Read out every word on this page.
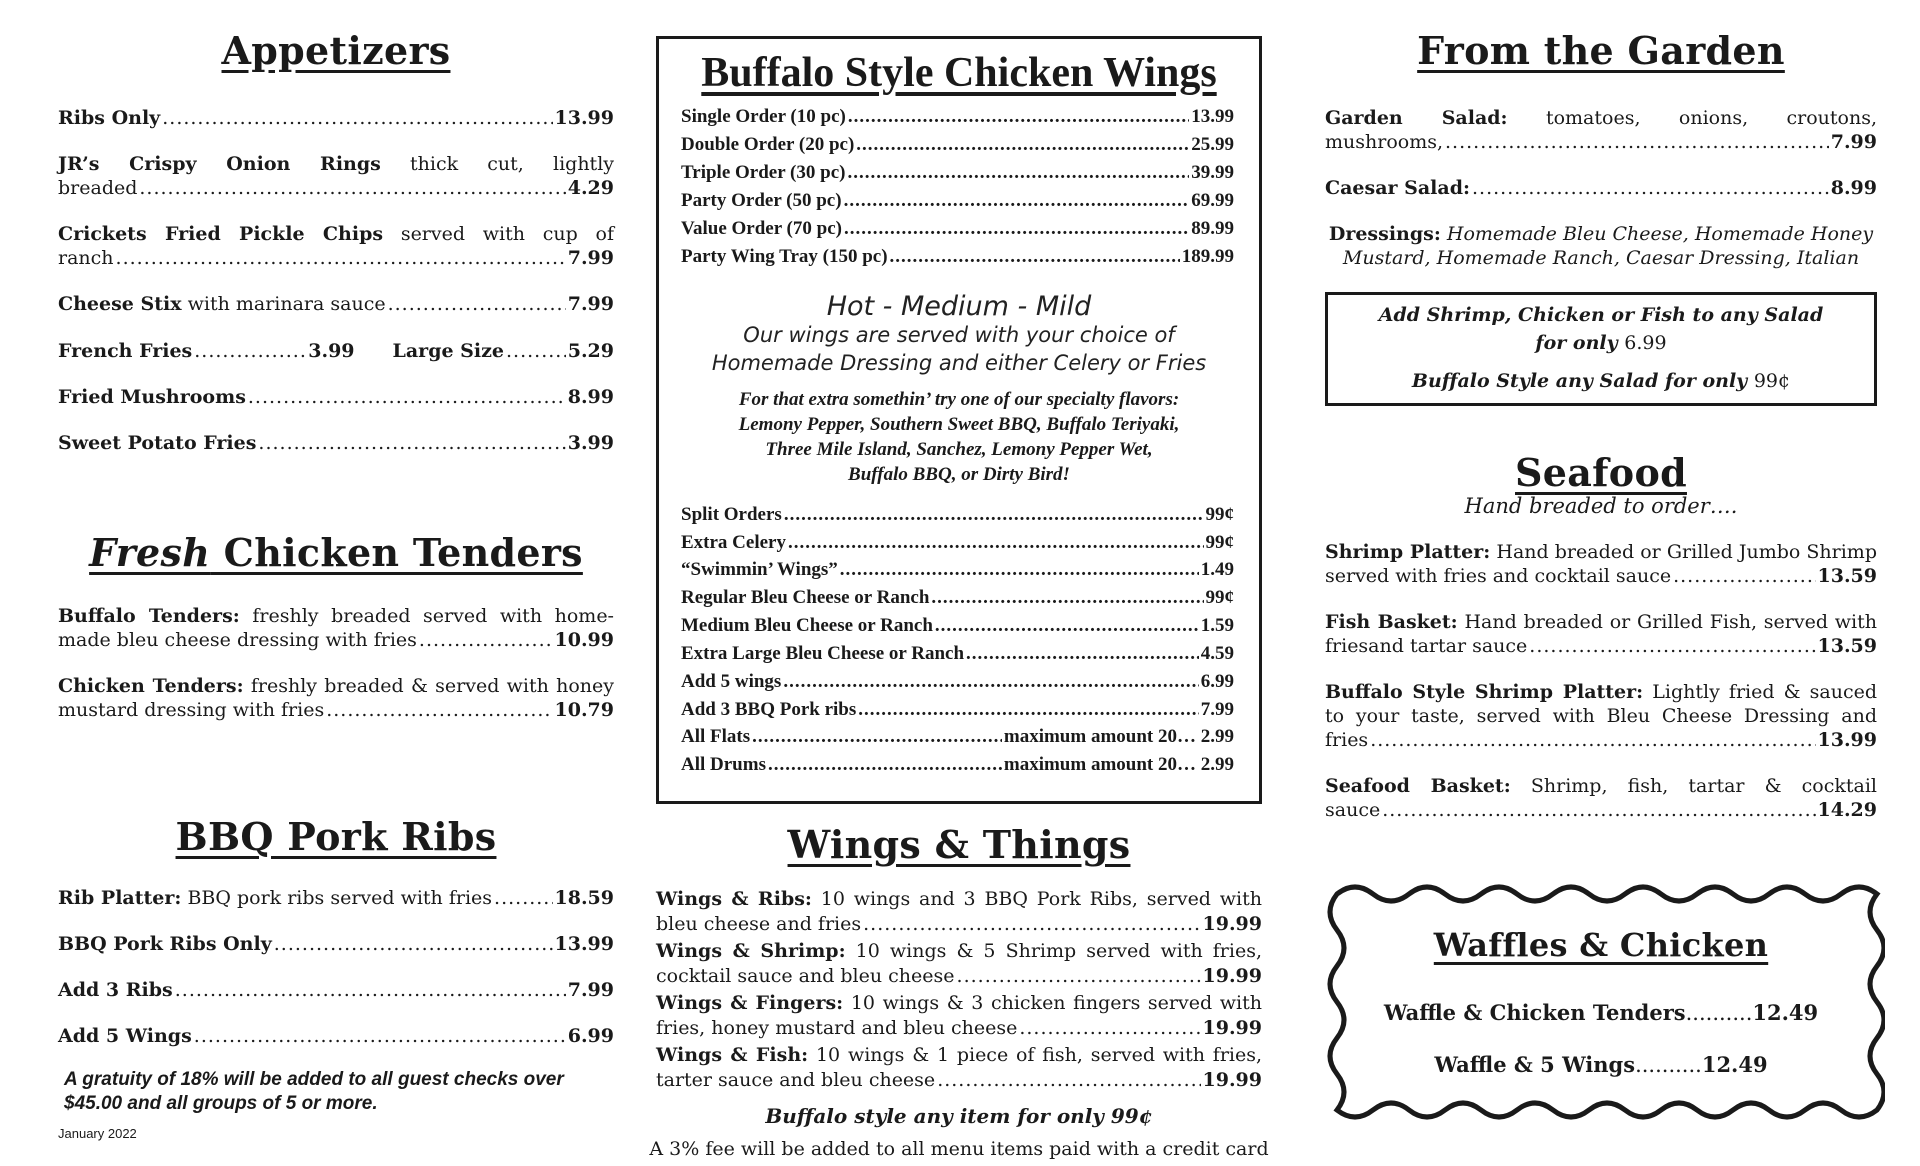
Appetizers
Ribs Only .....	13.99
JR’s Crispy Onion Rings thick cut, lightly
breaded .....	4.29
Crickets Fried Pickle Chips served with cup of
ranch .....	7.99
Cheese Stix
with marinara sauce .....	7.99
French Fries .....	3.99 Large Size .....	5.29
Fried Mushrooms .....	8.99
Sweet Potato Fries .....	3.99
Fresh Chicken Tenders
Buffalo Tenders: freshly breaded served with home-
made bleu cheese dressing with fries .....	10.99
Chicken Tenders: freshly breaded & served with honey
mustard dressing with fries .....	10.79
BBQ Pork Ribs
Rib Platter:
BBQ pork ribs served with fries .....	18.59
BBQ Pork Ribs Only .....	13.99
Add 3 Ribs .....	7.99
Add 5 Wings .....	6.99
A gratuity of 18% will be added to all guest checks over
$45.00 and all groups of 5 or more.
January 2022
Buffalo Style Chicken Wings
Single Order (10 pc) .....	13.99
Double Order (20 pc) .....	25.99
Triple Order (30 pc) .....	39.99
Party Order (50 pc) .....	69.99
Value Order (70 pc) .....	89.99
Party Wing Tray (150 pc) .....	189.99
Hot - Medium - Mild
Our wings are served with your choice of
Homemade Dressing and either Celery or Fries
For that extra somethin’ try one of our specialty flavors:
Lemony Pepper, Southern Sweet BBQ, Buffalo Teriyaki,
Three Mile Island, Sanchez, Lemony Pepper Wet,
Buffalo BBQ, or Dirty Bird!
Split Orders .....	99¢
Extra Celery .....	99¢
“Swimmin’ Wings” .....	1.49
Regular Bleu Cheese or Ranch .....	99¢
Medium Bleu Cheese or Ranch .....	1.59
Extra Large Bleu Cheese or Ranch .....	4.59
Add 5 wings .....	6.99
Add 3 BBQ Pork ribs .....	7.99
All Flats .....	maximum amount 20 … 2.99
All Drums .....	maximum amount 20 … 2.99
Wings & Things
Wings & Ribs: 10 wings and 3 BBQ Pork Ribs, served with
bleu cheese and fries .....	19.99
Wings & Shrimp: 10 wings & 5 Shrimp served with fries,
cocktail sauce and bleu cheese .....	19.99
Wings & Fingers: 10 wings & 3 chicken fingers served with
fries, honey mustard and bleu cheese .....	19.99
Wings & Fish: 10 wings & 1 piece of fish, served with fries,
tarter sauce and bleu cheese .....	19.99
Buffalo style any item for only 99¢
A 3% fee will be added to all menu items paid with a credit card
From the Garden
Garden Salad: tomatoes, onions, croutons,
mushrooms, .....	7.99
Caesar Salad: .....	8.99
Dressings: Homemade Bleu Cheese, Homemade Honey
Mustard, Homemade Ranch, Caesar Dressing, Italian
Add Shrimp, Chicken or Fish to any Salad
for only 6.99
Buffalo Style any Salad for only 99¢
Seafood
Hand breaded to order….
Shrimp Platter: Hand breaded or Grilled Jumbo Shrimp
served with fries and cocktail sauce .....	13.59
Fish Basket: Hand breaded or Grilled Fish, served with
friesand tartar sauce .....	13.59
Buffalo Style Shrimp Platter: Lightly fried & sauced
to your taste, served with Bleu Cheese Dressing and
fries .....	13.99
Seafood Basket: Shrimp, fish, tartar & cocktail
sauce .....	14.29
Waffles & Chicken
Waffle & Chicken Tenders..........12.49
Waffle & 5 Wings..........12.49
